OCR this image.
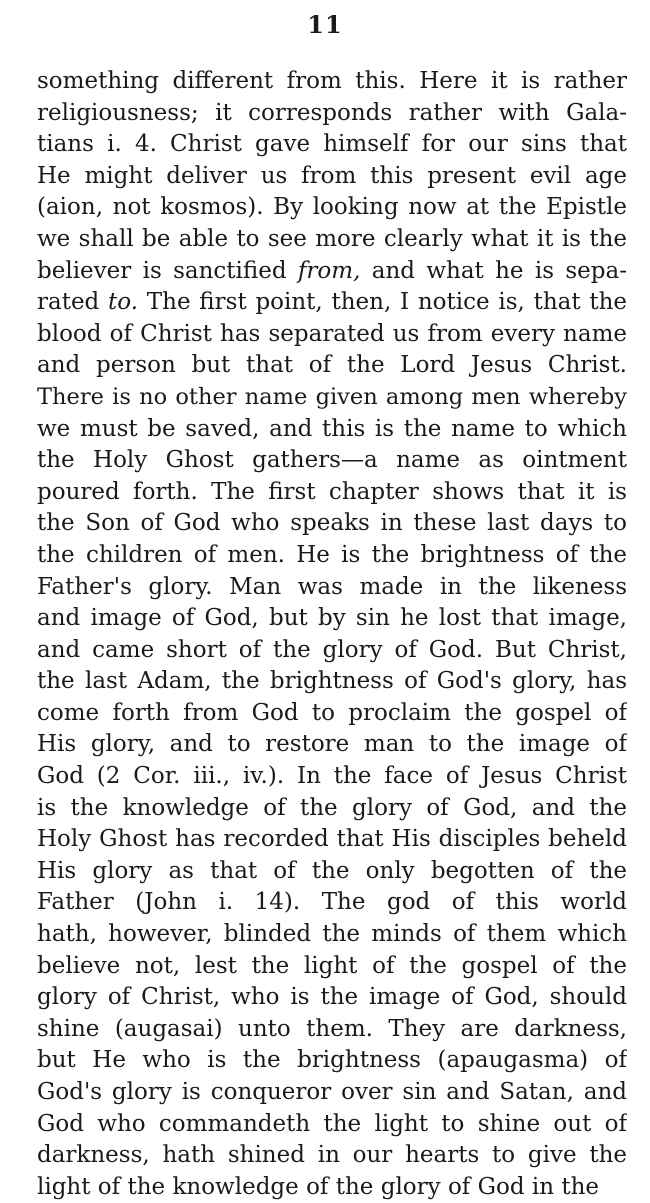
11
something different from this. Here it is rather
religiousness; it corresponds rather with Gala-
tians i. 4. Christ gave himself for our sins that
He might deliver us from this present evil age
(aion, not kosmos). By looking now at the Epistle
we shall be able to see more clearly what it is the
believer is sanctified from, and what he is sepa-
rated to. The first point, then, I notice is, that the
blood of Christ has separated us from every name
and person but that of the Lord Jesus Christ.
There is no other name given among men whereby
we must be saved, and this is the name to which
the Holy Ghost gathers—a name as ointment
poured forth. The first chapter shows that it is
the Son of God who speaks in these last days to
the children of men. He is the brightness of the
Father's glory. Man was made in the likeness
and image of God, but by sin he lost that image,
and came short of the glory of God. But Christ,
the last Adam, the brightness of God's glory, has
come forth from God to proclaim the gospel of
His glory, and to restore man to the image of
God (2 Cor. iii., iv.). In the face of Jesus Christ
is the knowledge of the glory of God, and the
Holy Ghost has recorded that His disciples beheld
His glory as that of the only begotten of the
Father (John i. 14). The god of this world
hath, however, blinded the minds of them which
believe not, lest the light of the gospel of the
glory of Christ, who is the image of God, should
shine (augasai) unto them. They are darkness,
but He who is the brightness (apaugasma) of
God's glory is conqueror over sin and Satan, and
God who commandeth the light to shine out of
darkness, hath shined in our hearts to give the
light of the knowledge of the glory of God in the
